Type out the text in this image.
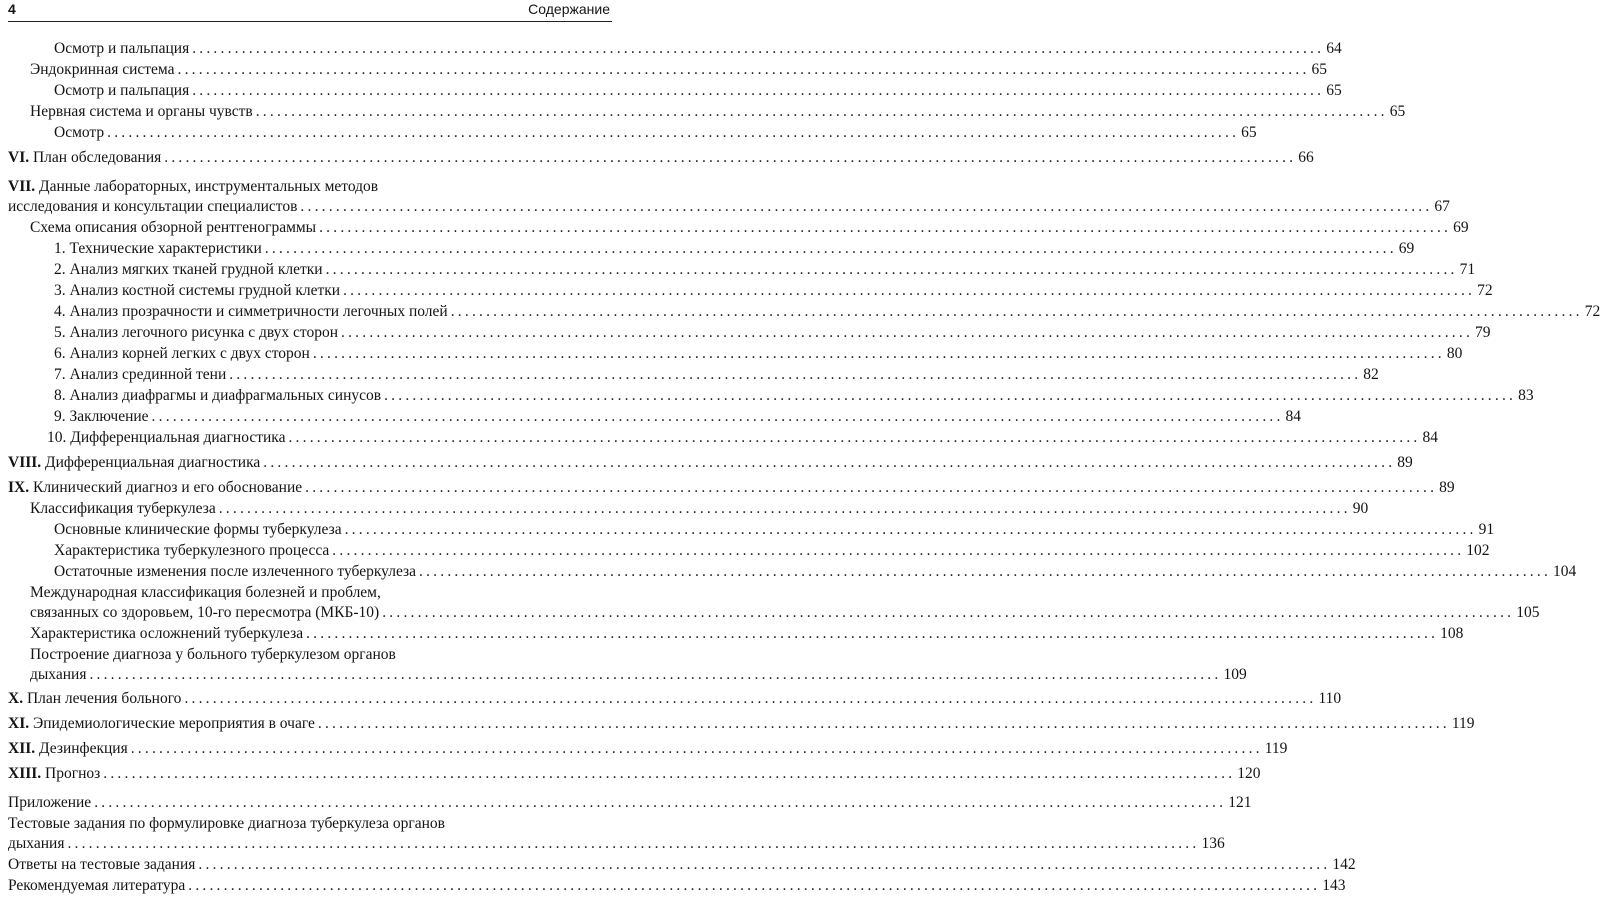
4	Содержание
Осмотр и пальпация ................................................................................................................................................................ 64
Эндокринная система ................................................................................................................................................................ 65
Осмотр и пальпация ................................................................................................................................................................ 65
Нервная система и органы чувств ................................................................................................................................................................ 65
Осмотр ................................................................................................................................................................ 65
VI. План обследования ................................................................................................................................................................ 66
VII. Данные лабораторных, инструментальных методов
исследования и консультации специалистов ................................................................................................................................................................ 67
Схема описания обзорной рентгенограммы ................................................................................................................................................................ 69
1. Технические характеристики ................................................................................................................................................................ 69
2. Анализ мягких тканей грудной клетки ................................................................................................................................................................ 71
3. Анализ костной системы грудной клетки ................................................................................................................................................................ 72
4. Анализ прозрачности и симметричности легочных полей ................................................................................................................................................................ 72
5. Анализ легочного рисунка с двух сторон ................................................................................................................................................................ 79
6. Анализ корней легких с двух сторон ................................................................................................................................................................ 80
7. Анализ срединной тени ................................................................................................................................................................ 82
8. Анализ диафрагмы и диафрагмальных синусов ................................................................................................................................................................ 83
9. Заключение ................................................................................................................................................................ 84
10. Дифференциальная диагностика ................................................................................................................................................................ 84
VIII. Дифференциальная диагностика ................................................................................................................................................................ 89
IX. Клинический диагноз и его обоснование ................................................................................................................................................................ 89
Классификация туберкулеза ................................................................................................................................................................ 90
Основные клинические формы туберкулеза ................................................................................................................................................................ 91
Характеристика туберкулезного процесса ................................................................................................................................................................ 102
Остаточные изменения после излеченного туберкулеза ................................................................................................................................................................ 104
Международная классификация болезней и проблем,
связанных со здоровьем, 10-го пересмотра (МКБ-10) ................................................................................................................................................................ 105
Характеристика осложнений туберкулеза ................................................................................................................................................................ 108
Построение диагноза у больного туберкулезом органов
дыхания ................................................................................................................................................................ 109
X. План лечения больного ................................................................................................................................................................ 110
XI. Эпидемиологические мероприятия в очаге ................................................................................................................................................................ 119
XII. Дезинфекция ................................................................................................................................................................ 119
XIII. Прогноз ................................................................................................................................................................ 120
Приложение ................................................................................................................................................................ 121
Тестовые задания по формулировке диагноза туберкулеза органов
дыхания ................................................................................................................................................................ 136
Ответы на тестовые задания ................................................................................................................................................................ 142
Рекомендуемая литература ................................................................................................................................................................ 143
